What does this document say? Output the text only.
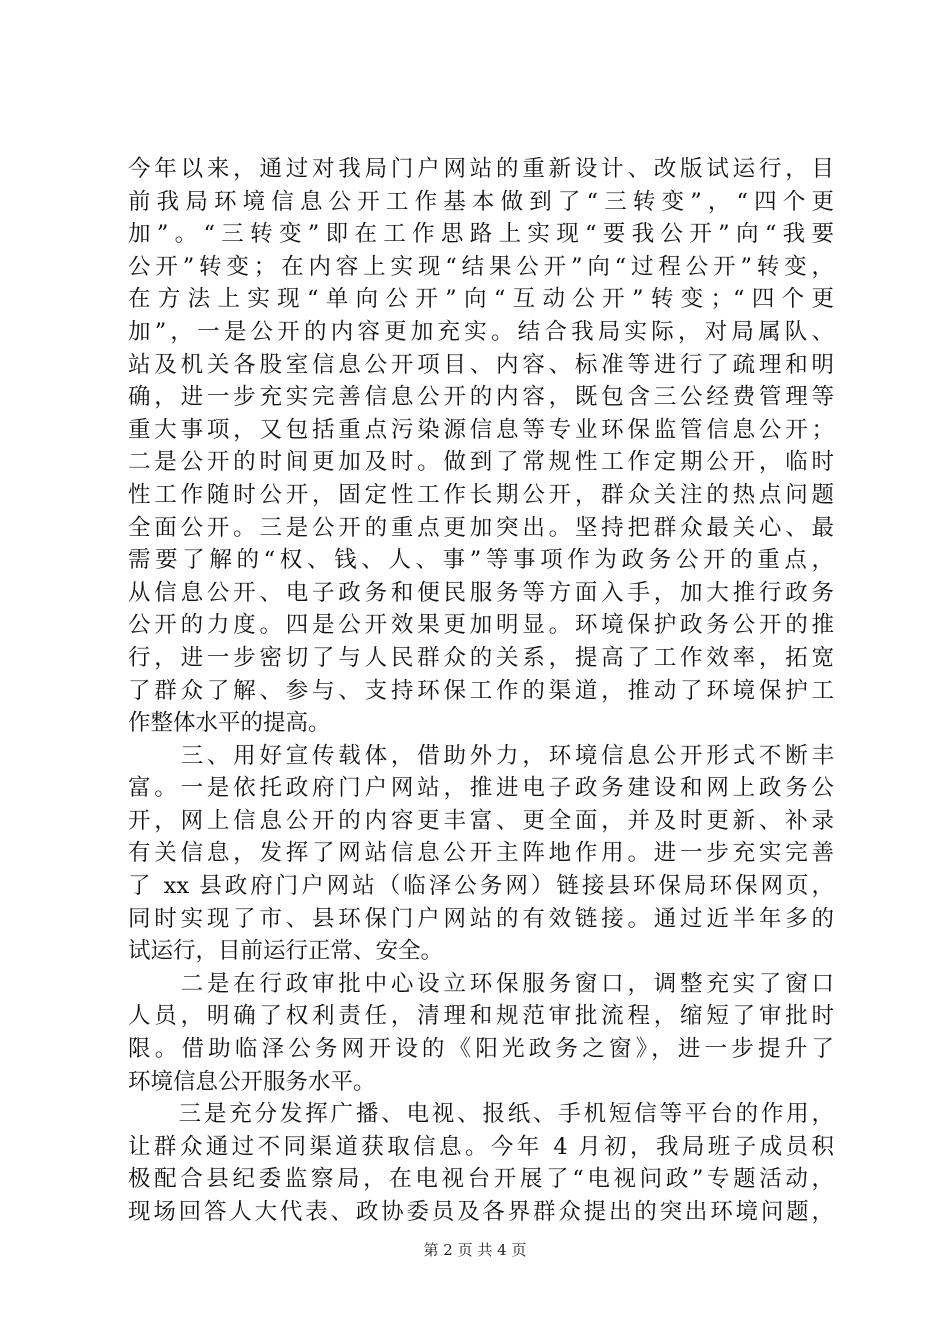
今年以来，通过对我局门户网站的重新设计、改版试运行，目
前我局环境信息公开工作基本做到了“三转变”，“四个更
加”。“三转变”即在工作思路上实现“要我公开”向“我要
公开”转变；在内容上实现“结果公开”向“过程公开”转变，
在方法上实现“单向公开”向“互动公开”转变；“四个更
加”，一是公开的内容更加充实。结合我局实际，对局属队、
站及机关各股室信息公开项目、内容、标准等进行了疏理和明
确，进一步充实完善信息公开的内容，既包含三公经费管理等
重大事项，又包括重点污染源信息等专业环保监管信息公开；
二是公开的时间更加及时。做到了常规性工作定期公开，临时
性工作随时公开，固定性工作长期公开，群众关注的热点问题
全面公开。三是公开的重点更加突出。坚持把群众最关心、最
需要了解的“权、钱、人、事”等事项作为政务公开的重点，
从信息公开、电子政务和便民服务等方面入手，加大推行政务
公开的力度。四是公开效果更加明显。环境保护政务公开的推
行，进一步密切了与人民群众的关系，提高了工作效率，拓宽
了群众了解、参与、支持环保工作的渠道，推动了环境保护工
作整体水平的提高。
　　三、用好宣传载体，借助外力，环境信息公开形式不断丰
富。一是依托政府门户网站，推进电子政务建设和网上政务公
开，网上信息公开的内容更丰富、更全面，并及时更新、补录
有关信息，发挥了网站信息公开主阵地作用。进一步充实完善
了 xx 县政府门户网站（临泽公务网）链接县环保局环保网页，
同时实现了市、县环保门户网站的有效链接。通过近半年多的
试运行，目前运行正常、安全。
　　二是在行政审批中心设立环保服务窗口，调整充实了窗口
人员，明确了权利责任，清理和规范审批流程，缩短了审批时
限。借助临泽公务网开设的《阳光政务之窗》，进一步提升了
环境信息公开服务水平。
　　三是充分发挥广播、电视、报纸、手机短信等平台的作用，
让群众通过不同渠道获取信息。今年 4 月初，我局班子成员积
极配合县纪委监察局，在电视台开展了“电视问政”专题活动，
现场回答人大代表、政协委员及各界群众提出的突出环境问题，
第 2 页 共 4 页
